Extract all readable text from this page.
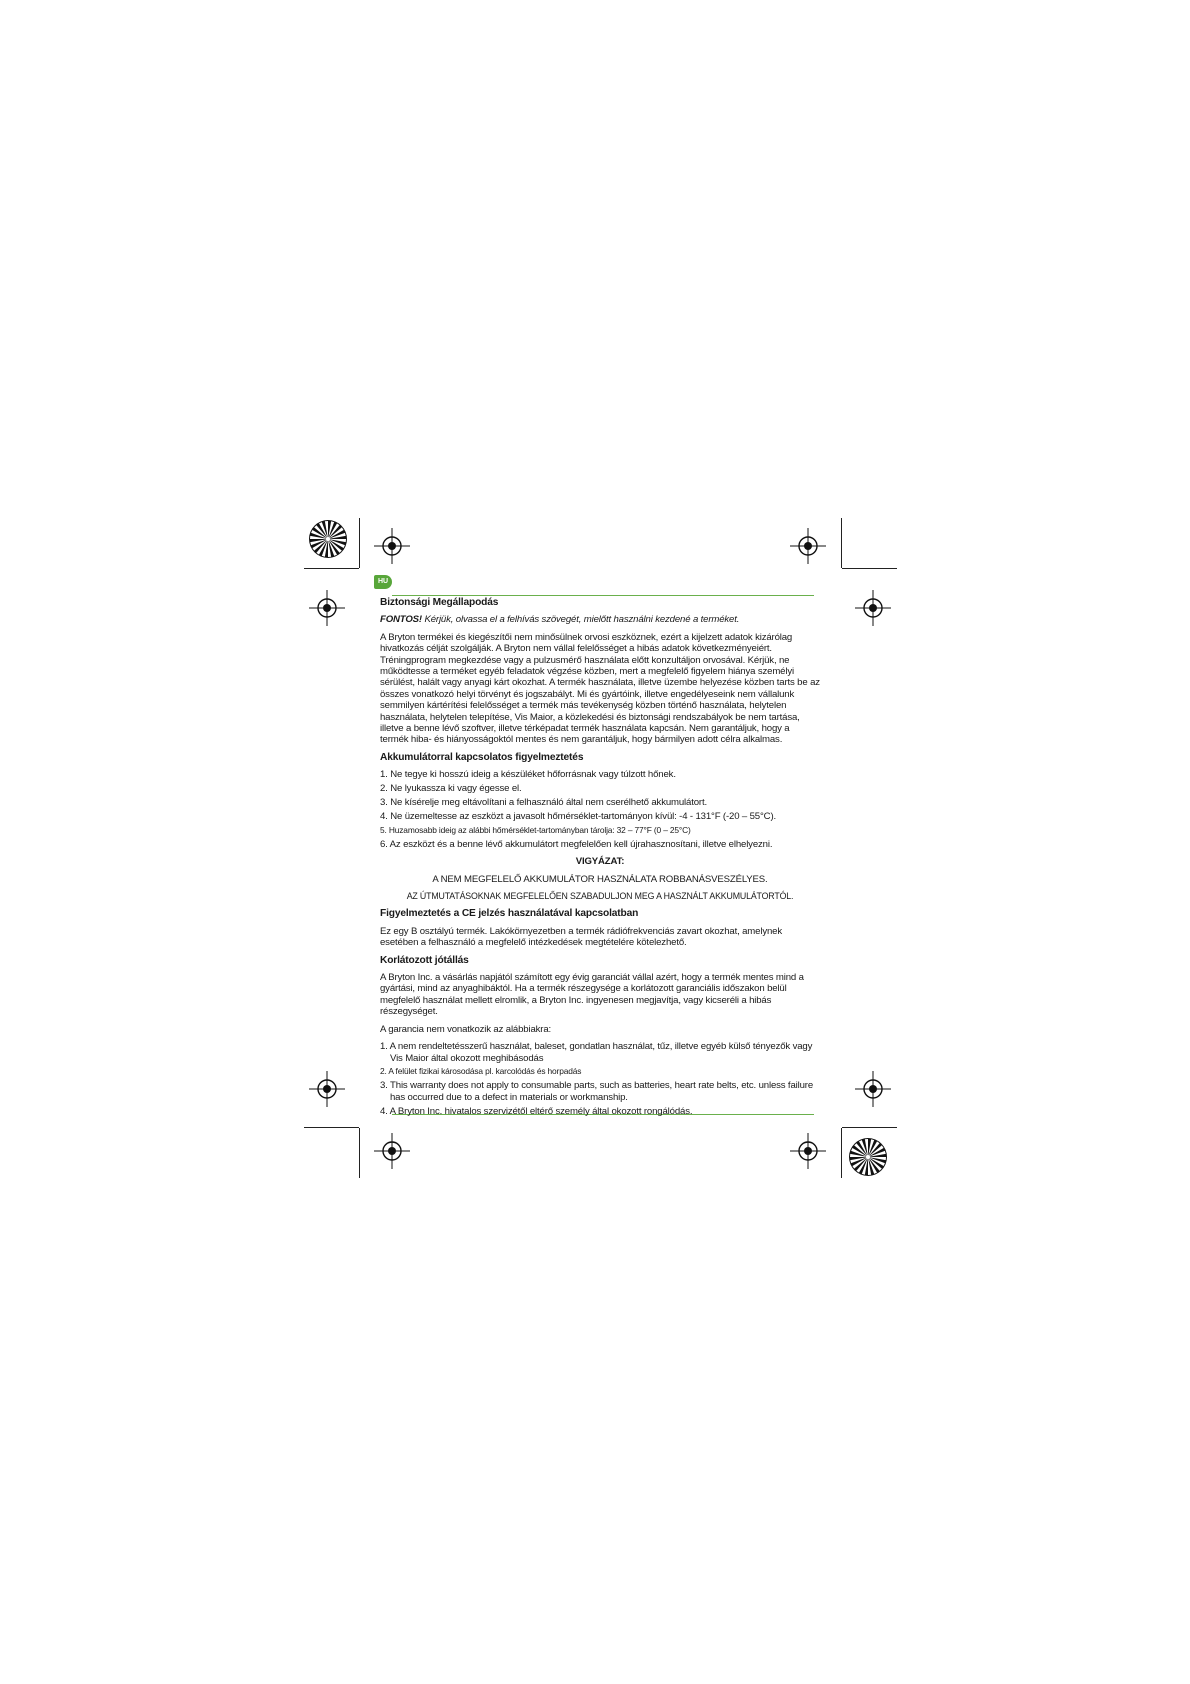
HU

Biztonsági Megállapodás

FONTOS! Kérjük, olvassa el a felhívás szövegét, mielőtt használni kezdené a terméket.

A Bryton termékei és kiegészítői nem minősülnek orvosi eszköznek, ezért a kijelzett adatok kizárólag hivatkozás célját szolgálják. A Bryton nem vállal felelősséget a hibás adatok következményeiért. Tréningprogram megkezdése vagy a pulzusmérő használata előtt konzultáljon orvosával. Kérjük, ne működtesse a terméket egyéb feladatok végzése közben, mert a megfelelő figyelem hiánya személyi sérülést, halált vagy anyagi kárt okozhat. A termék használata, illetve üzembe helyezése közben tarts be az összes vonatkozó helyi törvényt és jogszabályt. Mi és gyártóink, illetve engedélyeseink nem vállalunk semmilyen kártérítési felelősséget a termék más tevékenység közben történő használata, helytelen használata, helytelen telepítése, Vis Maior, a közlekedési és biztonsági rendszabályok be nem tartása, illetve a benne lévő szoftver, illetve térképadat termék használata kapcsán. Nem garantáljuk, hogy a termék hiba- és hiányosságoktól mentes és nem garantáljuk, hogy bármilyen adott célra alkalmas.

Akkumulátorral kapcsolatos figyelmeztetés

1. Ne tegye ki hosszú ideig a készüléket hőforrásnak vagy túlzott hőnek.
2. Ne lyukassza ki vagy égesse el.
3. Ne kísérelje meg eltávolítani a felhasználó által nem cserélhető akkumulátort.
4. Ne üzemeltesse az eszközt a javasolt hőmérséklet-tartományon kívül: -4 - 131°F (-20 – 55°C).
5. Huzamosabb ideig az alábbi hőmérséklet-tartományban tárolja: 32 – 77°F (0 – 25°C)
6. Az eszközt és a benne lévő akkumulátort megfelelően kell újrahasznosítani, illetve elhelyezni.

VIGYÁZAT:

A NEM MEGFELELŐ AKKUMULÁTOR HASZNÁLATA ROBBANÁSVESZÉLYES.

AZ ÚTMUTATÁSOKNAK MEGFELELŐEN SZABADULJON MEG A HASZNÁLT AKKUMULÁTORTÓL.

Figyelmeztetés a CE jelzés használatával kapcsolatban

Ez egy B osztályú termék. Lakókörnyezetben a termék rádiófrekvenciás zavart okozhat, amelynek esetében a felhasználó a megfelelő intézkedések megtételére kötelezhető.

Korlátozott jótállás

A Bryton Inc. a vásárlás napjától számított egy évig garanciát vállal azért, hogy a termék mentes mind a gyártási, mind az anyaghibáktól. Ha a termék részegysége a korlátozott garanciális időszakon belül megfelelő használat mellett elromlik, a Bryton Inc. ingyenesen megjavítja, vagy kicseréli a hibás részegységet.

A garancia nem vonatkozik az alábbiakra:

1. A nem rendeltetésszerű használat, baleset, gondatlan használat, tűz, illetve egyéb külső tényezők vagy Vis Maior által okozott meghibásodás
2. A felület fizikai károsodása pl. karcolódás és horpadás
3. This warranty does not apply to consumable parts, such as batteries, heart rate belts, etc. unless failure has occurred due to a defect in materials or workmanship.
4. A Bryton Inc. hivatalos szervizétől eltérő személy által okozott rongálódás.
